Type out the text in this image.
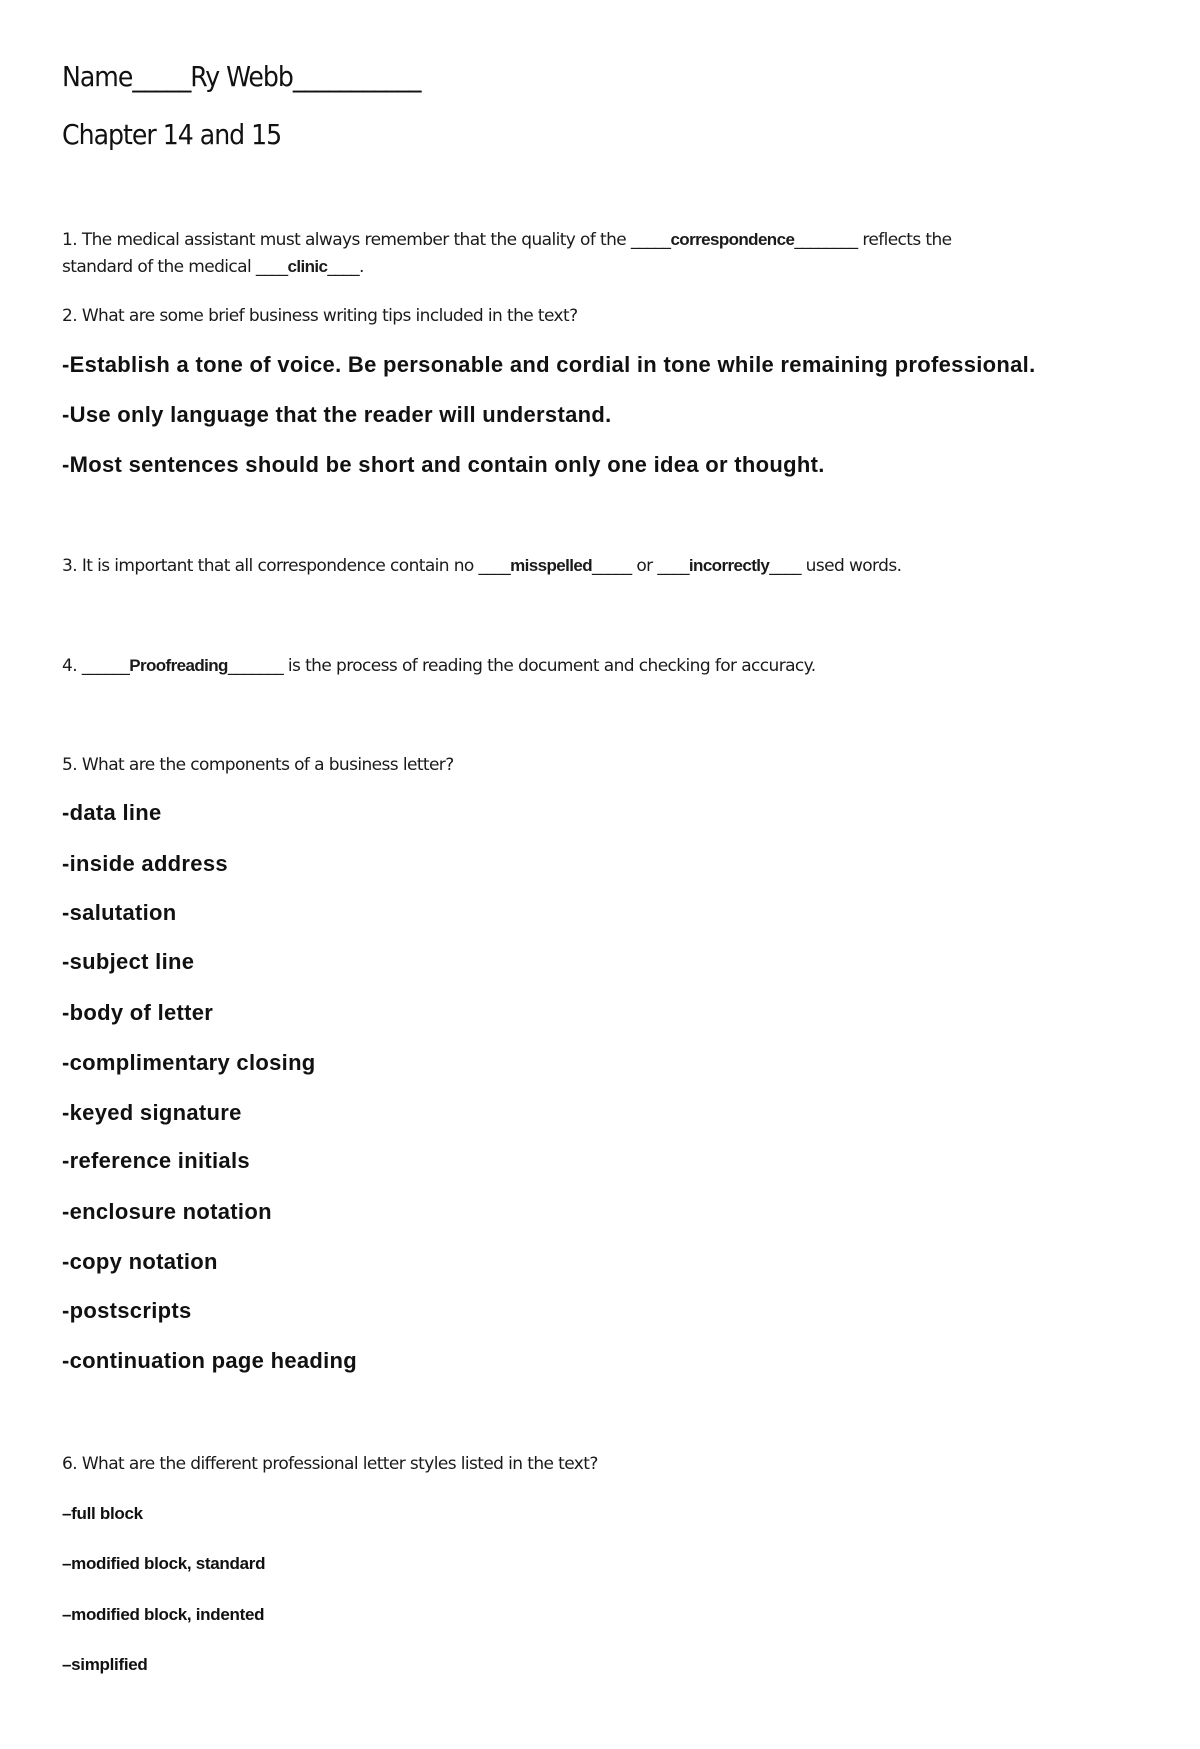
Name_____Ry Webb___________
Chapter 14 and 15
1. The medical assistant must always remember that the quality of the _____correspondence________ reflects the
standard of the medical ____clinic____.
2. What are some brief business writing tips included in the text?
-Establish a tone of voice. Be personable and cordial in tone while remaining professional.
-Use only language that the reader will understand.
-Most sentences should be short and contain only one idea or thought.
3. It is important that all correspondence contain no ____misspelled_____ or ____incorrectly____ used words.
4. ______Proofreading_______ is the process of reading the document and checking for accuracy.
5. What are the components of a business letter?
-data line
-inside address
-salutation
-subject line
-body of letter
-complimentary closing
-keyed signature
-reference initials
-enclosure notation
-copy notation
-postscripts
-continuation page heading
6. What are the different professional letter styles listed in the text?
–full block
–modified block, standard
–modified block, indented
–simplified
